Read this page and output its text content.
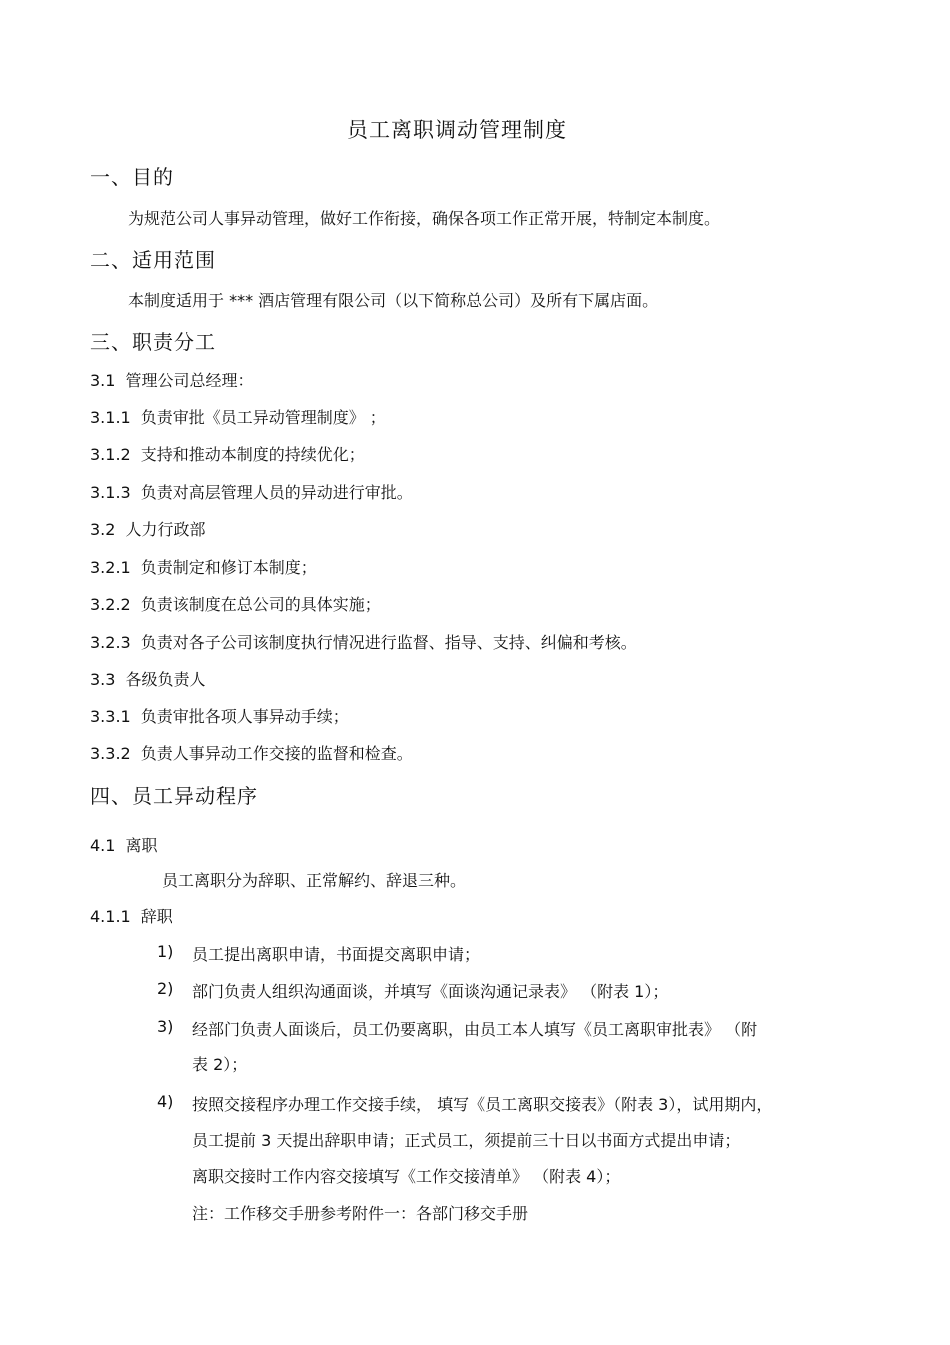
员工离职调动管理制度
一、目的
为规范公司人事异动管理，做好工作衔接，确保各项工作正常开展，特制定本制度。
二、适用范围
本制度适用于 *** 酒店管理有限公司（以下简称总公司）及所有下属店面。
三、职责分工
3.1 管理公司总经理：
3.1.1 负责审批《员工异动管理制度》 ；
3.1.2 支持和推动本制度的持续优化；
3.1.3 负责对高层管理人员的异动进行审批。
3.2 人力行政部
3.2.1 负责制定和修订本制度；
3.2.2 负责该制度在总公司的具体实施；
3.2.3 负责对各子公司该制度执行情况进行监督、指导、支持、纠偏和考核。
3.3 各级负责人
3.3.1 负责审批各项人事异动手续；
3.3.2 负责人事异动工作交接的监督和检查。
四、员工异动程序
4.1 离职
员工离职分为辞职、正常解约、辞退三种。
4.1.1 辞职
1) 员工提出离职申请，书面提交离职申请；
2) 部门负责人组织沟通面谈，并填写《面谈沟通记录表》 （附表 1）；
3) 经部门负责人面谈后，员工仍要离职，由员工本人填写《员工离职审批表》 （附
表 2）；
4) 按照交接程序办理工作交接手续， 填写《员工离职交接表》（附表 3），试用期内，
员工提前 3 天提出辞职申请；正式员工，须提前三十日以书面方式提出申请；
离职交接时工作内容交接填写《工作交接清单》 （附表 4）；
注：工作移交手册参考附件一：各部门移交手册
